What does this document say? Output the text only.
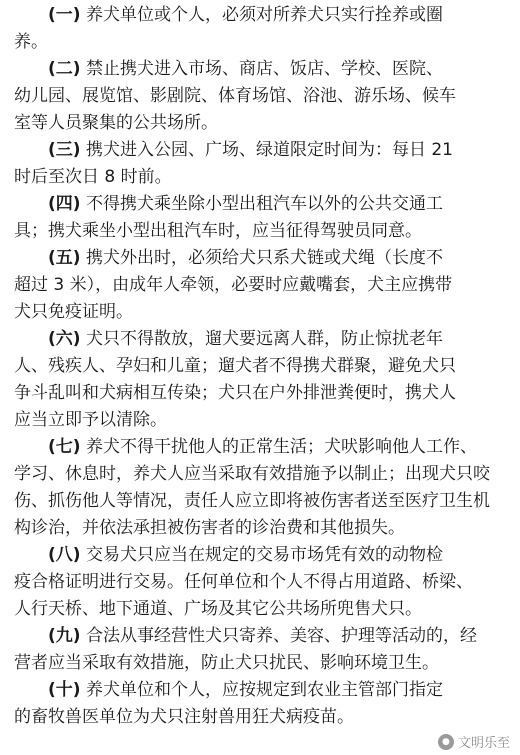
(一) 养犬单位或个人，必须对所养犬只实行拴养或圈
养。
(二) 禁止携犬进入市场、商店、饭店、学校、医院、
幼儿园、展览馆、影剧院、体育场馆、浴池、游乐场、候车
室等人员聚集的公共场所。
(三) 携犬进入公园、广场、绿道限定时间为：每日 21
时后至次日 8 时前。
(四) 不得携犬乘坐除小型出租汽车以外的公共交通工
具；携犬乘坐小型出租汽车时，应当征得驾驶员同意。
(五) 携犬外出时，必须给犬只系犬链或犬绳（长度不
超过 3 米），由成年人牵领，必要时应戴嘴套，犬主应携带
犬只免疫证明。
(六) 犬只不得散放，遛犬要远离人群，防止惊扰老年
人、残疾人、孕妇和儿童；遛犬者不得携犬群聚，避免犬只
争斗乱叫和犬病相互传染；犬只在户外排泄粪便时，携犬人
应当立即予以清除。
(七) 养犬不得干扰他人的正常生活；犬吠影响他人工作、
学习、休息时，养犬人应当采取有效措施予以制止；出现犬只咬
伤、抓伤他人等情况，责任人应立即将被伤害者送至医疗卫生机
构诊治，并依法承担被伤害者的诊治费和其他损失。
(八) 交易犬只应当在规定的交易市场凭有效的动物检
疫合格证明进行交易。任何单位和个人不得占用道路、桥梁、
人行天桥、地下通道、广场及其它公共场所兜售犬只。
(九) 合法从事经营性犬只寄养、美容、护理等活动的，经
营者应当采取有效措施，防止犬只扰民、影响环境卫生。
(十) 养犬单位和个人，应按规定到农业主管部门指定
的畜牧兽医单位为犬只注射兽用狂犬病疫苗。
● 文明乐至
